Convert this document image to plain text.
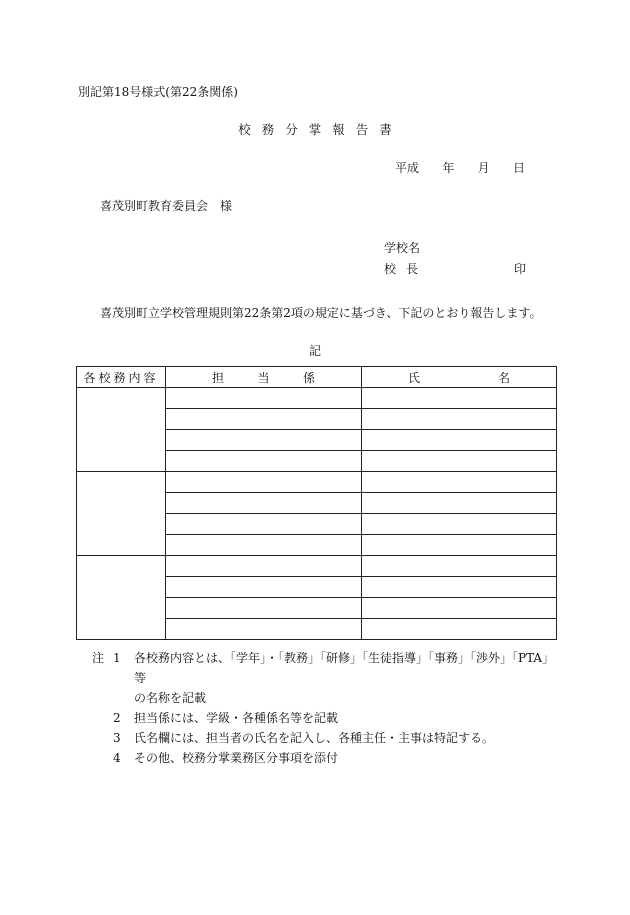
別記第18号様式(第22条関係)
校務分掌報告書
平成 年 月 日
喜茂別町教育委員会　様
学校名
校長	印
喜茂別町立学校管理規則第22条第2項の規定に基づき、下記のとおり報告します。
記
各校務内容	担 当 係	氏 名

注 1	各校務内容とは、「学年」・「教務」「研修」「生徒指導」「事務」「渉外」「PTA」等
の名称を記載
2	担当係には、学級・各種係名等を記載
3	氏名欄には、担当者の氏名を記入し、各種主任・主事は特記する。
4	その他、校務分掌業務区分事項を添付
